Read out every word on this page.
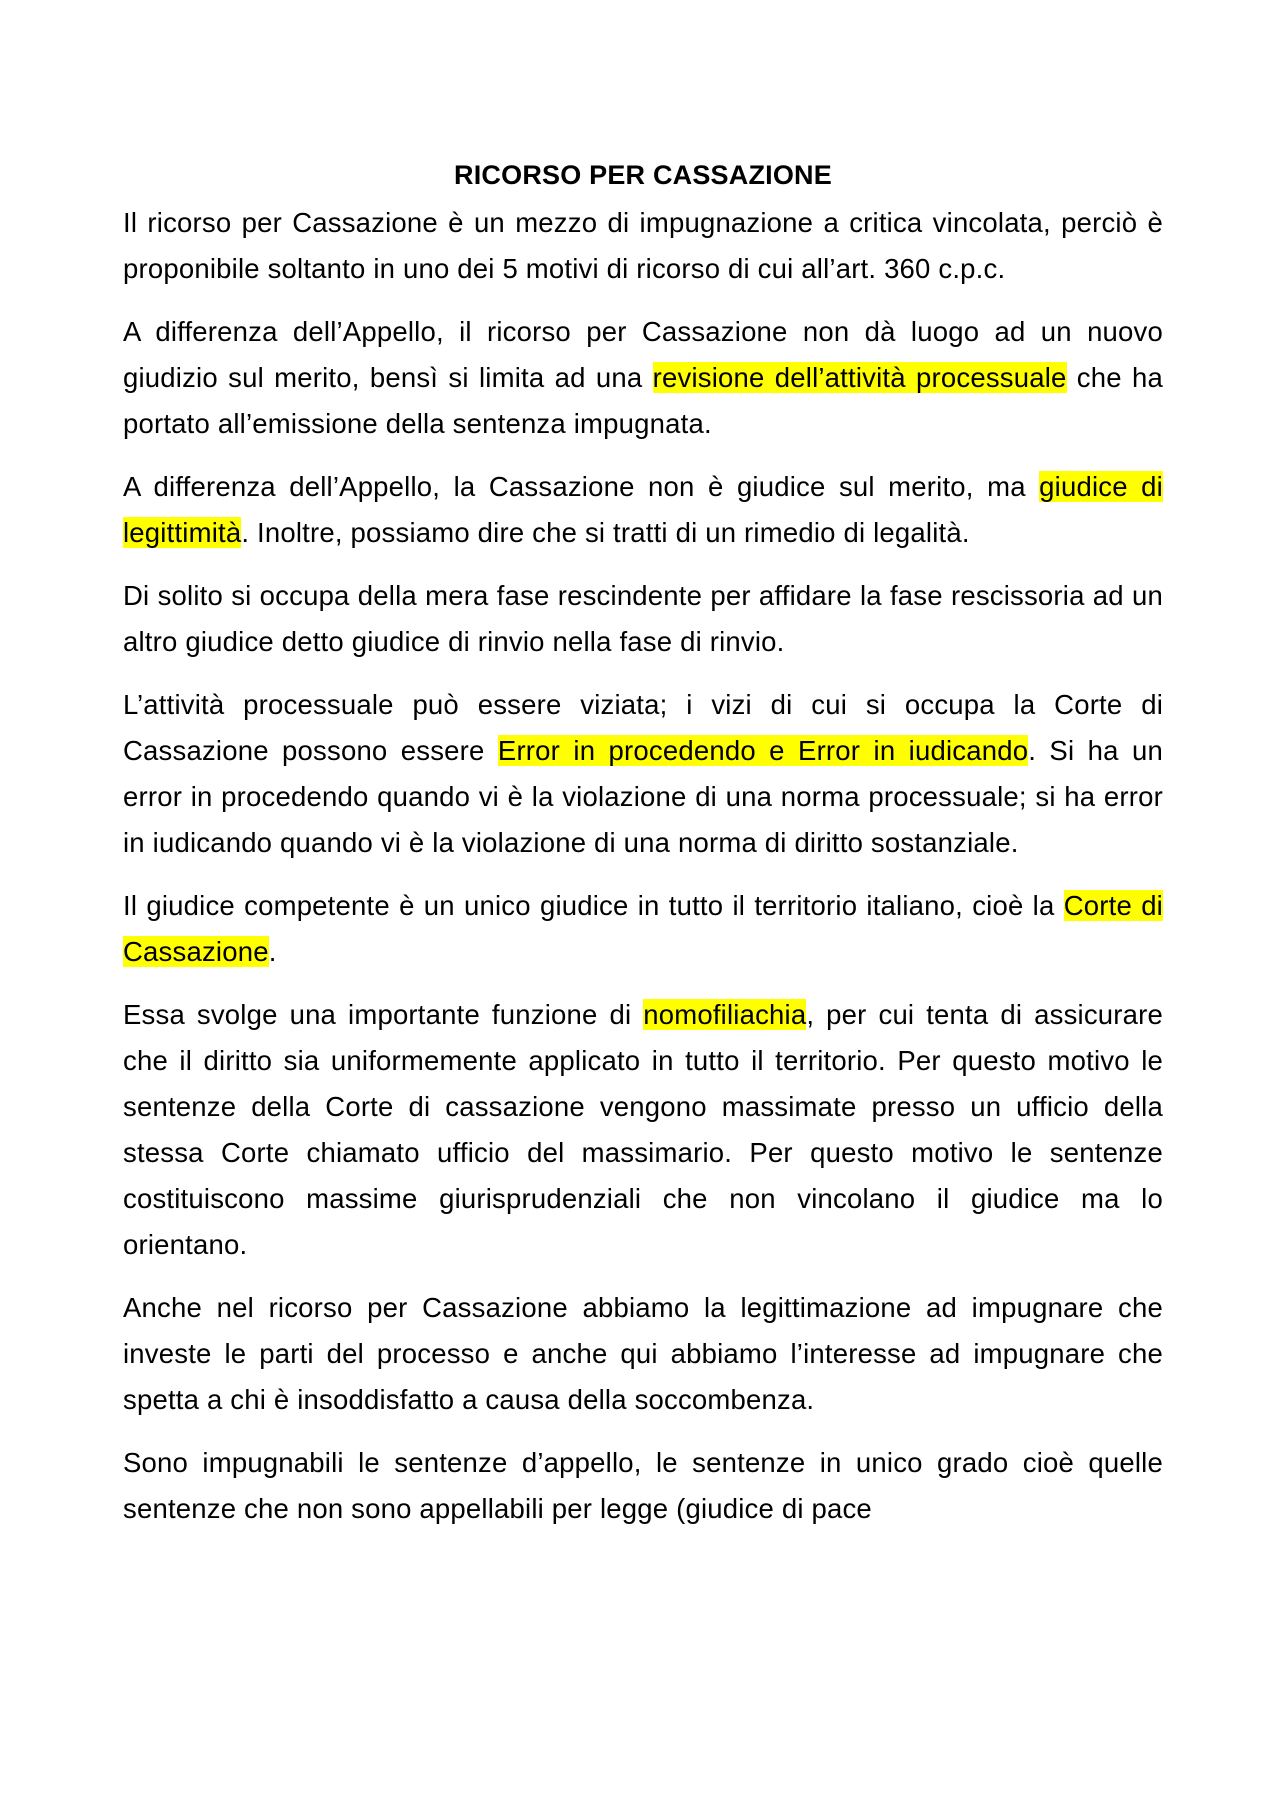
RICORSO PER CASSAZIONE

Il ricorso per Cassazione è un mezzo di impugnazione a critica vincolata, perciò è proponibile soltanto in uno dei 5 motivi di ricorso di cui all’art. 360 c.p.c.

A differenza dell’Appello, il ricorso per Cassazione non dà luogo ad un nuovo giudizio sul merito, bensì si limita ad una revisione dell’attività processuale che ha portato all’emissione della sentenza impugnata.

A differenza dell’Appello, la Cassazione non è giudice sul merito, ma giudice di legittimità. Inoltre, possiamo dire che si tratti di un rimedio di legalità.

Di solito si occupa della mera fase rescindente per affidare la fase rescissoria ad un altro giudice detto giudice di rinvio nella fase di rinvio.

L’attività processuale può essere viziata; i vizi di cui si occupa la Corte di Cassazione possono essere Error in procedendo e Error in iudicando. Si ha un error in procedendo quando vi è la violazione di una norma processuale; si ha error in iudicando quando vi è la violazione di una norma di diritto sostanziale.

Il giudice competente è un unico giudice in tutto il territorio italiano, cioè la Corte di Cassazione.

Essa svolge una importante funzione di nomofiliachia, per cui tenta di assicurare che il diritto sia uniformemente applicato in tutto il territorio. Per questo motivo le sentenze della Corte di cassazione vengono massimate presso un ufficio della stessa Corte chiamato ufficio del massimario. Per questo motivo le sentenze costituiscono massime giurisprudenziali che non vincolano il giudice ma lo orientano.

Anche nel ricorso per Cassazione abbiamo la legittimazione ad impugnare che investe le parti del processo e anche qui abbiamo l’interesse ad impugnare che spetta a chi è insoddisfatto a causa della soccombenza.

Sono impugnabili le sentenze d’appello, le sentenze in unico grado cioè quelle sentenze che non sono appellabili per legge (giudice di pace
